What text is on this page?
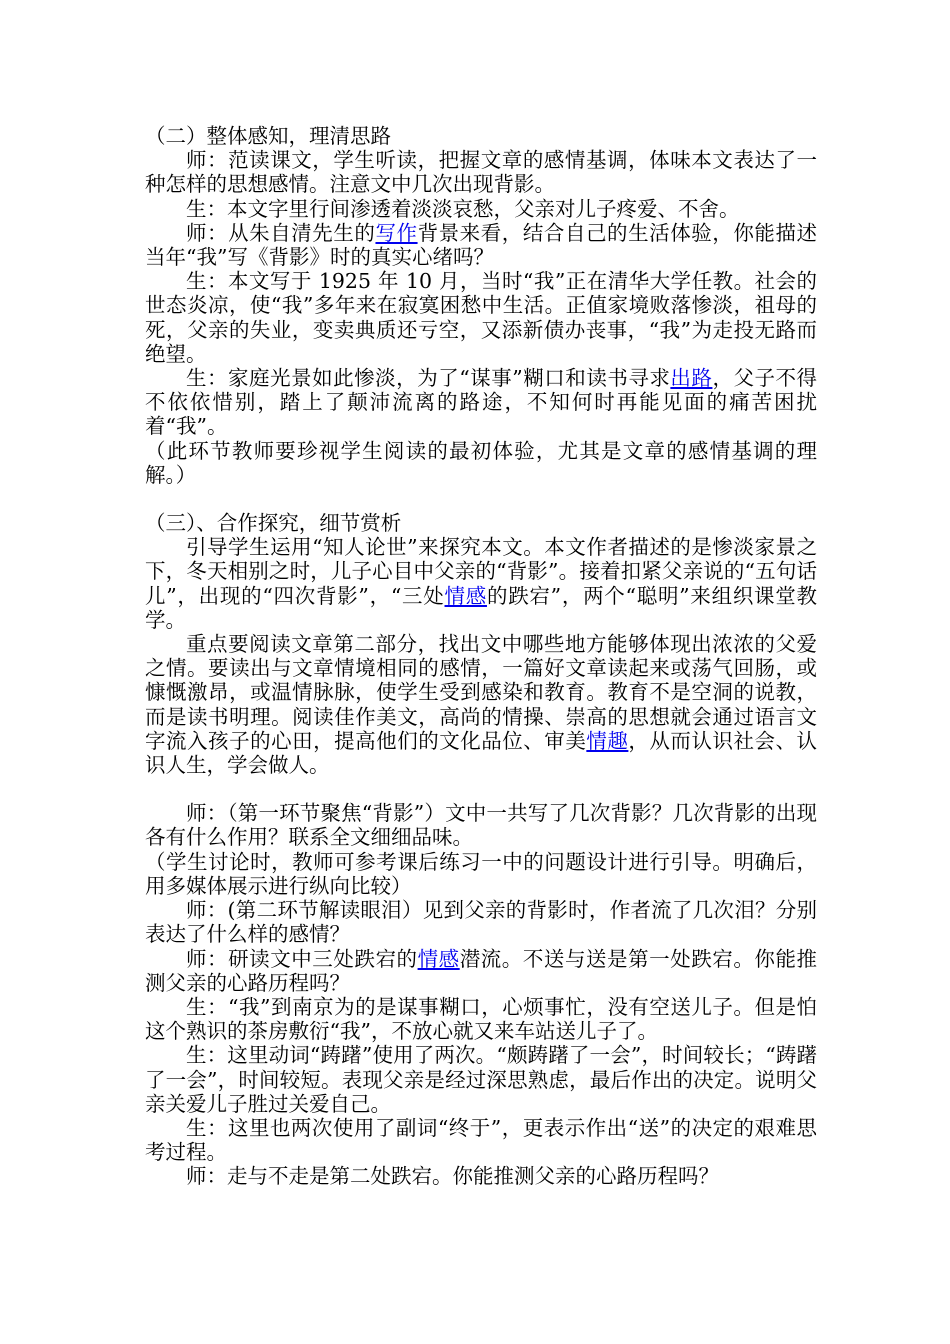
（二）整体感知，理清思路

师：范读课文，学生听读，把握文章的感情基调，体味本文表达了一种怎样的思想感情。注意文中几次出现背影。

生：本文字里行间渗透着淡淡哀愁，父亲对儿子疼爱、不舍。

师：从朱自清先生的写作背景来看，结合自己的生活体验，你能描述当年“我”写《背影》时的真实心绪吗？

生：本文写于 1925 年 10 月，当时“我”正在清华大学任教。社会的世态炎凉，使“我”多年来在寂寞困愁中生活。正值家境败落惨淡，祖母的死，父亲的失业，变卖典质还亏空，又添新债办丧事，“我”为走投无路而绝望。

生：家庭光景如此惨淡，为了“谋事”糊口和读书寻求出路，父子不得不依依惜别，踏上了颠沛流离的路途，不知何时再能见面的痛苦困扰着“我”。

（此环节教师要珍视学生阅读的最初体验，尤其是文章的感情基调的理解。）

（三）、合作探究，细节赏析

引导学生运用“知人论世”来探究本文。本文作者描述的是惨淡家景之下，冬天相别之时，儿子心目中父亲的“背影”。接着扣紧父亲说的“五句话儿”，出现的“四次背影”，“三处情感的跌宕”，两个“聪明”来组织课堂教学。

重点要阅读文章第二部分，找出文中哪些地方能够体现出浓浓的父爱之情。要读出与文章情境相同的感情，一篇好文章读起来或荡气回肠，或慷慨激昂，或温情脉脉，使学生受到感染和教育。教育不是空洞的说教，而是读书明理。阅读佳作美文，高尚的情操、崇高的思想就会通过语言文字流入孩子的心田，提高他们的文化品位、审美情趣，从而认识社会、认识人生，学会做人。

师：（第一环节聚焦“背影”）文中一共写了几次背影？几次背影的出现各有什么作用？联系全文细细品味。

（学生讨论时，教师可参考课后练习一中的问题设计进行引导。明确后，用多媒体展示进行纵向比较）

师：(第二环节解读眼泪）见到父亲的背影时，作者流了几次泪？分别表达了什么样的感情？

师：研读文中三处跌宕的情感潜流。不送与送是第一处跌宕。你能推测父亲的心路历程吗？

生：“我”到南京为的是谋事糊口，心烦事忙，没有空送儿子。但是怕这个熟识的茶房敷衍“我”，不放心就又来车站送儿子了。

生：这里动词“踌躇”使用了两次。“颇踌躇了一会”，时间较长；“踌躇了一会”，时间较短。表现父亲是经过深思熟虑，最后作出的决定。说明父亲关爱儿子胜过关爱自己。

生：这里也两次使用了副词“终于”，更表示作出“送”的决定的艰难思考过程。

师：走与不走是第二处跌宕。你能推测父亲的心路历程吗？
